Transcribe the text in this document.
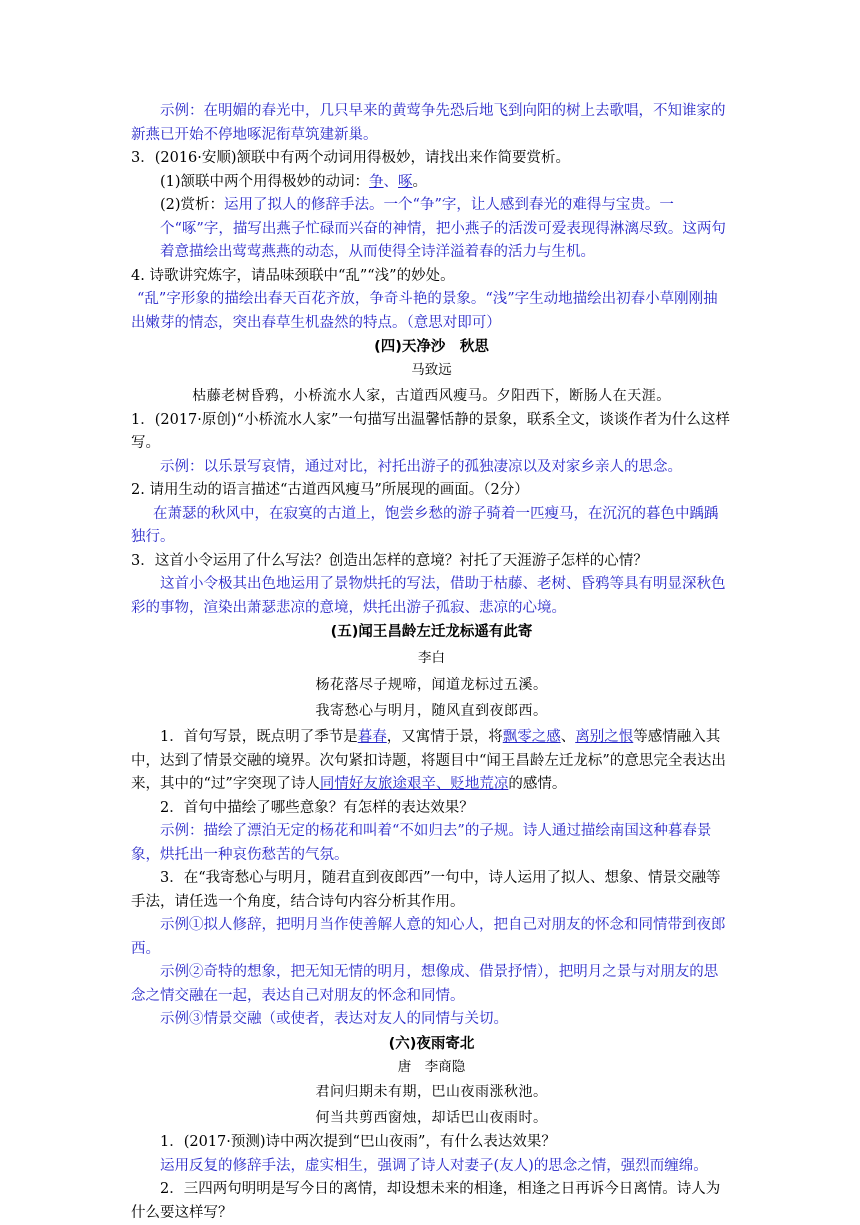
示例：在明媚的春光中，几只早来的黄莺争先恐后地飞到向阳的树上去歌唱，不知谁家的新燕已开始不停地啄泥衔草筑建新巢。

3．(2016·安顺)颔联中有两个动词用得极妙，请找出来作简要赏析。

(1)颔联中两个用得极妙的动词：争、啄。

(2)赏析：运用了拟人的修辞手法。一个“争”字，让人感到春光的难得与宝贵。一个“啄”字，描写出燕子忙碌而兴奋的神情，把小燕子的活泼可爱表现得淋漓尽致。这两句着意描绘出莺莺燕燕的动态，从而使得全诗洋溢着春的活力与生机。

4. 诗歌讲究炼字，请品味颈联中“乱”“浅”的妙处。

“乱”字形象的描绘出春天百花齐放，争奇斗艳的景象。“浅”字生动地描绘出初春小草刚刚抽出嫩芽的情态，突出春草生机盎然的特点。（意思对即可）

(四)天净沙　秋思

马致远

枯藤老树昏鸦，小桥流水人家，古道西风瘦马。夕阳西下，断肠人在天涯。

1．(2017·原创)“小桥流水人家”一句描写出温馨恬静的景象，联系全文，谈谈作者为什么这样写。

示例：以乐景写哀情，通过对比，衬托出游子的孤独凄凉以及对家乡亲人的思念。

2. 请用生动的语言描述“古道西风瘦马”所展现的画面。（2分）

在萧瑟的秋风中，在寂寞的古道上，饱尝乡愁的游子骑着一匹瘦马，在沉沉的暮色中踽踽独行。

3．这首小令运用了什么写法？创造出怎样的意境？衬托了天涯游子怎样的心情？

这首小令极其出色地运用了景物烘托的写法，借助于枯藤、老树、昏鸦等具有明显深秋色彩的事物，渲染出萧瑟悲凉的意境，烘托出游子孤寂、悲凉的心境。

(五)闻王昌龄左迁龙标遥有此寄

李白

杨花落尽子规啼，闻道龙标过五溪。

我寄愁心与明月，随风直到夜郎西。

1．首句写景，既点明了季节是暮春，又寓情于景，将飘零之感、离别之恨等感情融入其中，达到了情景交融的境界。次句紧扣诗题，将题目中“闻王昌龄左迁龙标”的意思完全表达出来，其中的“过”字突现了诗人同情好友旅途艰辛、贬地荒凉的感情。

2．首句中描绘了哪些意象？有怎样的表达效果？

示例：描绘了漂泊无定的杨花和叫着“不如归去”的子规。诗人通过描绘南国这种暮春景象，烘托出一种哀伤愁苦的气氛。

3．在“我寄愁心与明月，随君直到夜郎西”一句中，诗人运用了拟人、想象、情景交融等手法，请任选一个角度，结合诗句内容分析其作用。

示例①拟人修辞，把明月当作使善解人意的知心人，把自己对朋友的怀念和同情带到夜郎西。

示例②奇特的想象，把无知无情的明月，想像成、借景抒情），把明月之景与对朋友的思念之情交融在一起，表达自己对朋友的怀念和同情。

示例③情景交融（或使者，表达对友人的同情与关切。

(六)夜雨寄北

唐　李商隐

君问归期未有期，巴山夜雨涨秋池。

何当共剪西窗烛，却话巴山夜雨时。

1．(2017·预测)诗中两次提到“巴山夜雨”，有什么表达效果？

运用反复的修辞手法，虚实相生，强调了诗人对妻子(友人)的思念之情，强烈而缠绵。

2．三四两句明明是写今日的离情，却设想未来的相逢，相逢之日再诉今日离情。诗人为什么要这样写？
